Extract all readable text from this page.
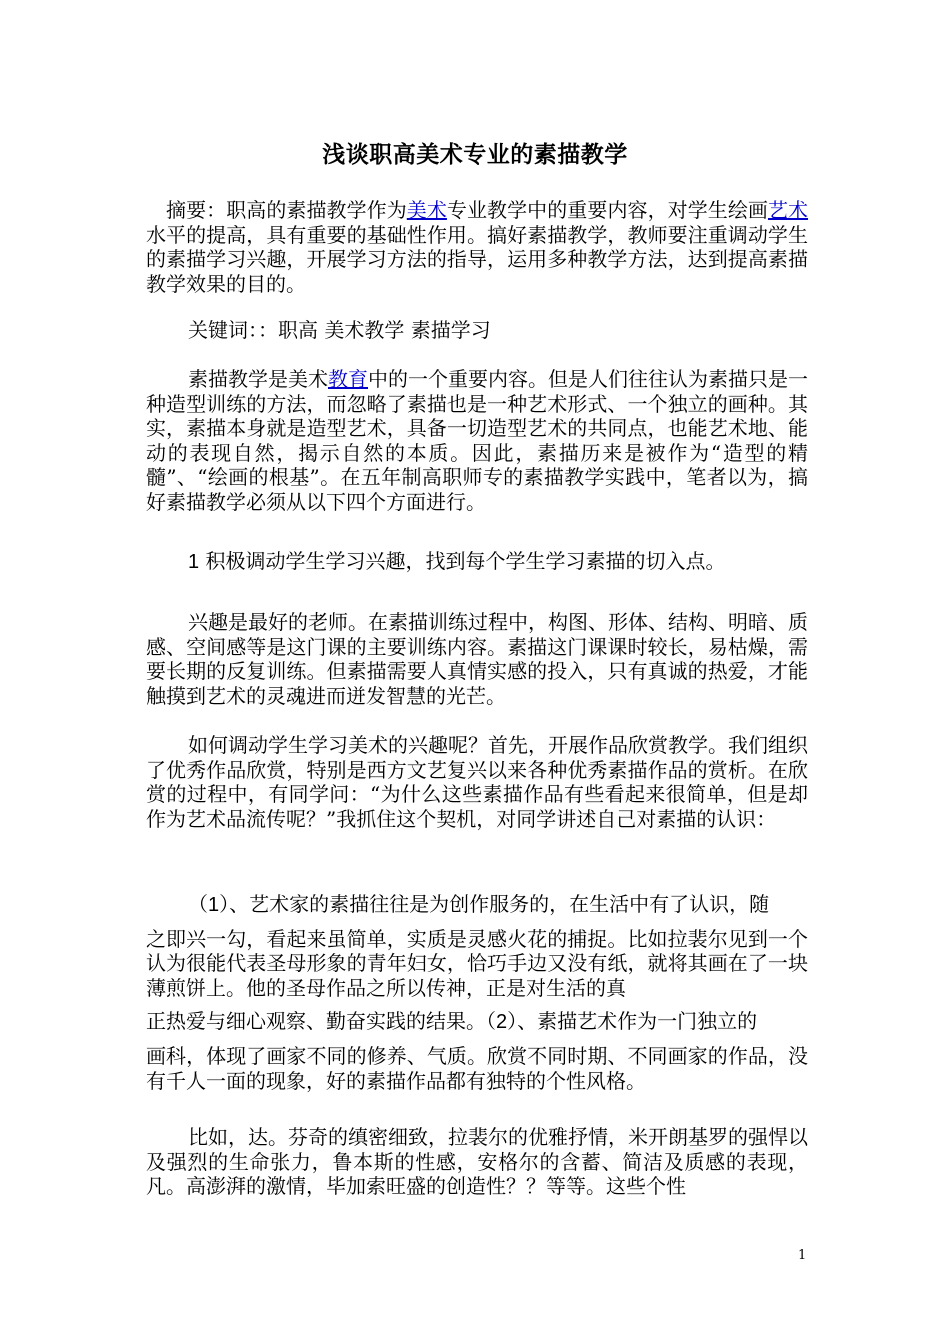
浅谈职高美术专业的素描教学
摘要：职高的素描教学作为美术专业教学中的重要内容，对学生绘画艺术水平的提高，具有重要的基础性作用。搞好素描教学，教师要注重调动学生的素描学习兴趣，开展学习方法的指导，运用多种教学方法，达到提高素描教学效果的目的。
关键词：：职高 美术教学 素描学习
素描教学是美术教育中的一个重要内容。但是人们往往认为素描只是一种造型训练的方法，而忽略了素描也是一种艺术形式、一个独立的画种。其实，素描本身就是造型艺术，具备一切造型艺术的共同点，也能艺术地、能动的表现自然，揭示自然的本质。因此，素描历来是被作为“造型的精髓”、“绘画的根基”。在五年制高职师专的素描教学实践中，笔者以为，搞好素描教学必须从以下四个方面进行。
1 积极调动学生学习兴趣，找到每个学生学习素描的切入点。
兴趣是最好的老师。在素描训练过程中，构图、形体、结构、明暗、质感、空间感等是这门课的主要训练内容。素描这门课课时较长，易枯燥，需要长期的反复训练。但素描需要人真情实感的投入，只有真诚的热爱，才能触摸到艺术的灵魂进而迸发智慧的光芒。
如何调动学生学习美术的兴趣呢？首先，开展作品欣赏教学。我们组织了优秀作品欣赏，特别是西方文艺复兴以来各种优秀素描作品的赏析。在欣赏的过程中，有同学问：“为什么这些素描作品有些看起来很简单，但是却作为艺术品流传呢？”我抓住这个契机，对同学讲述自己对素描的认识：
（1）、艺术家的素描往往是为创作服务的，在生活中有了认识，随
之即兴一勾，看起来虽简单，实质是灵感火花的捕捉。比如拉裴尔见到一个认为很能代表圣母形象的青年妇女，恰巧手边又没有纸，就将其画在了一块薄煎饼上。他的圣母作品之所以传神，正是对生活的真
正热爱与细心观察、勤奋实践的结果。（2）、素描艺术作为一门独立的
画科，体现了画家不同的修养、气质。欣赏不同时期、不同画家的作品，没有千人一面的现象，好的素描作品都有独特的个性风格。
比如，达。芬奇的缜密细致，拉裴尔的优雅抒情，米开朗基罗的强悍以及强烈的生命张力，鲁本斯的性感，安格尔的含蓄、简洁及质感的表现，凡。高澎湃的激情，毕加索旺盛的创造性？？等等。这些个性
1
